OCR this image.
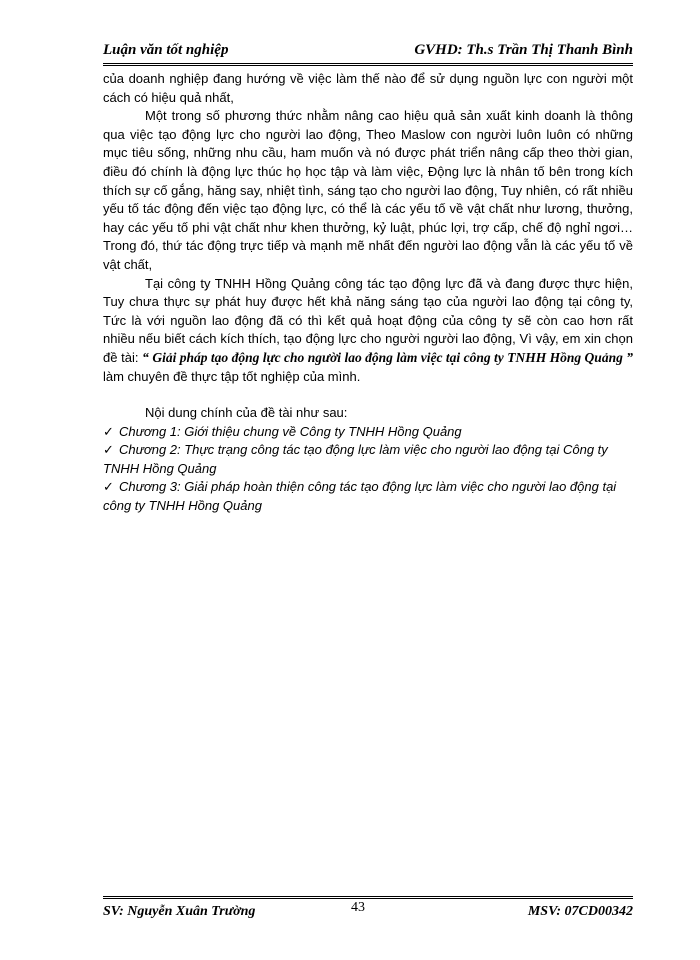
Luận văn tốt nghiệp	GVHD: Th.s Trần Thị Thanh Bình

của doanh nghiệp đang hướng về việc làm thế nào để sử dụng nguồn lực con người một cách có hiệu quả nhất,

Một trong số phương thức nhằm nâng cao hiệu quả sản xuất kinh doanh là thông qua việc tạo động lực cho người lao động, Theo Maslow con người luôn luôn có những mục tiêu sống, những nhu cầu, ham muốn và nó được phát triển nâng cấp theo thời gian, điều đó chính là động lực thúc họ học tập và làm việc, Động lực là nhân tố bên trong kích thích sự cố gắng, hăng say, nhiệt tình, sáng tạo cho người lao động, Tuy nhiên, có rất nhiều yếu tố tác động đến việc tạo động lực, có thể là các yếu tố về vật chất như lương, thưởng, hay các yếu tố phi vật chất như khen thưởng, kỷ luật, phúc lợi, trợ cấp, chế độ nghỉ ngơi… Trong đó, thứ tác động trực tiếp và mạnh mẽ nhất đến người lao động vẫn là các yếu tố về vật chất,

Tại công ty TNHH Hồng Quảng công tác tạo động lực đã và đang được thực hiện, Tuy chưa thực sự phát huy được hết khả năng sáng tạo của người lao động tại công ty, Tức là với nguồn lao động đã có thì kết quả hoạt động của công ty sẽ còn cao hơn rất nhiều nếu biết cách kích thích, tạo động lực cho người người lao động, Vì vậy, em xin chọn đề tài: “ Giải pháp tạo động lực cho người lao động làm việc tại công ty TNHH Hồng Quảng ” làm chuyên đề thực tập tốt nghiệp của mình.

Nội dung chính của đề tài như sau:

✓ Chương 1: Giới thiệu chung về Công ty TNHH Hồng Quảng
✓ Chương 2: Thực trạng công tác tạo động lực làm việc cho người lao động tại Công ty TNHH Hồng Quảng
✓ Chương 3: Giải pháp hoàn thiện công tác tạo động lực làm việc cho người lao động tại công ty TNHH Hồng Quảng
SV: Nguyễn Xuân Trường	43	MSV: 07CD00342
